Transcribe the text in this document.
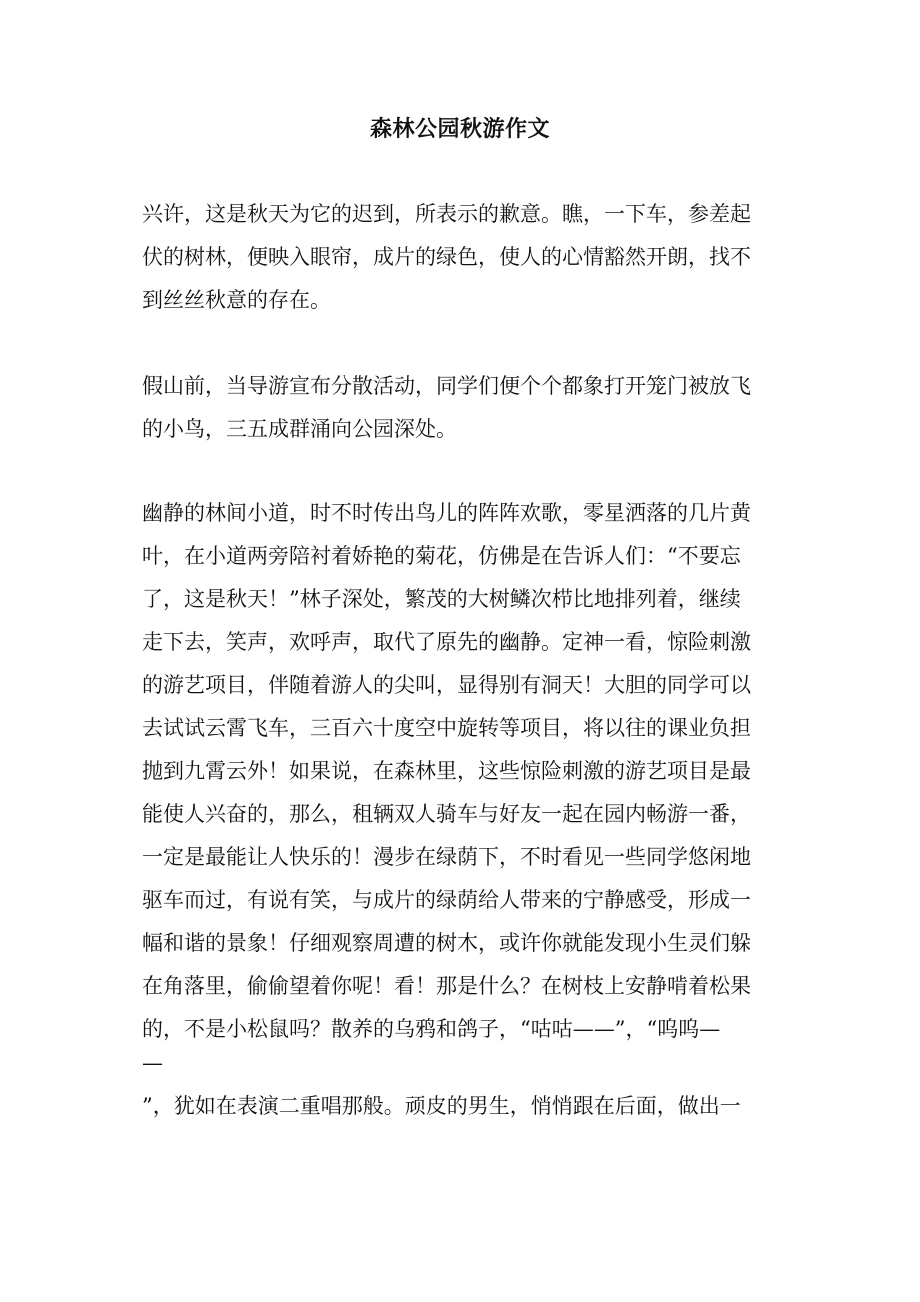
森林公园秋游作文
兴许，这是秋天为它的迟到，所表示的歉意。瞧，一下车，参差起
伏的树林，便映入眼帘，成片的绿色，使人的心情豁然开朗，找不
到丝丝秋意的存在。
假山前，当导游宣布分散活动，同学们便个个都象打开笼门被放飞
的小鸟，三五成群涌向公园深处。
幽静的林间小道，时不时传出鸟儿的阵阵欢歌，零星洒落的几片黄
叶，在小道两旁陪衬着娇艳的菊花，仿佛是在告诉人们：“不要忘
了，这是秋天！”林子深处，繁茂的大树鳞次栉比地排列着，继续
走下去，笑声，欢呼声，取代了原先的幽静。定神一看，惊险刺激
的游艺项目，伴随着游人的尖叫，显得别有洞天！大胆的同学可以
去试试云霄飞车，三百六十度空中旋转等项目，将以往的课业负担
抛到九霄云外！如果说，在森林里，这些惊险刺激的游艺项目是最
能使人兴奋的，那么，租辆双人骑车与好友一起在园内畅游一番，
一定是最能让人快乐的！漫步在绿荫下，不时看见一些同学悠闲地
驱车而过，有说有笑，与成片的绿荫给人带来的宁静感受，形成一
幅和谐的景象！仔细观察周遭的树木，或许你就能发现小生灵们躲
在角落里，偷偷望着你呢！看！那是什么？在树枝上安静啃着松果
的，不是小松鼠吗？散养的乌鸦和鸽子，“咕咕——”，“呜呜—
—
”，犹如在表演二重唱那般。顽皮的男生，悄悄跟在后面，做出一
